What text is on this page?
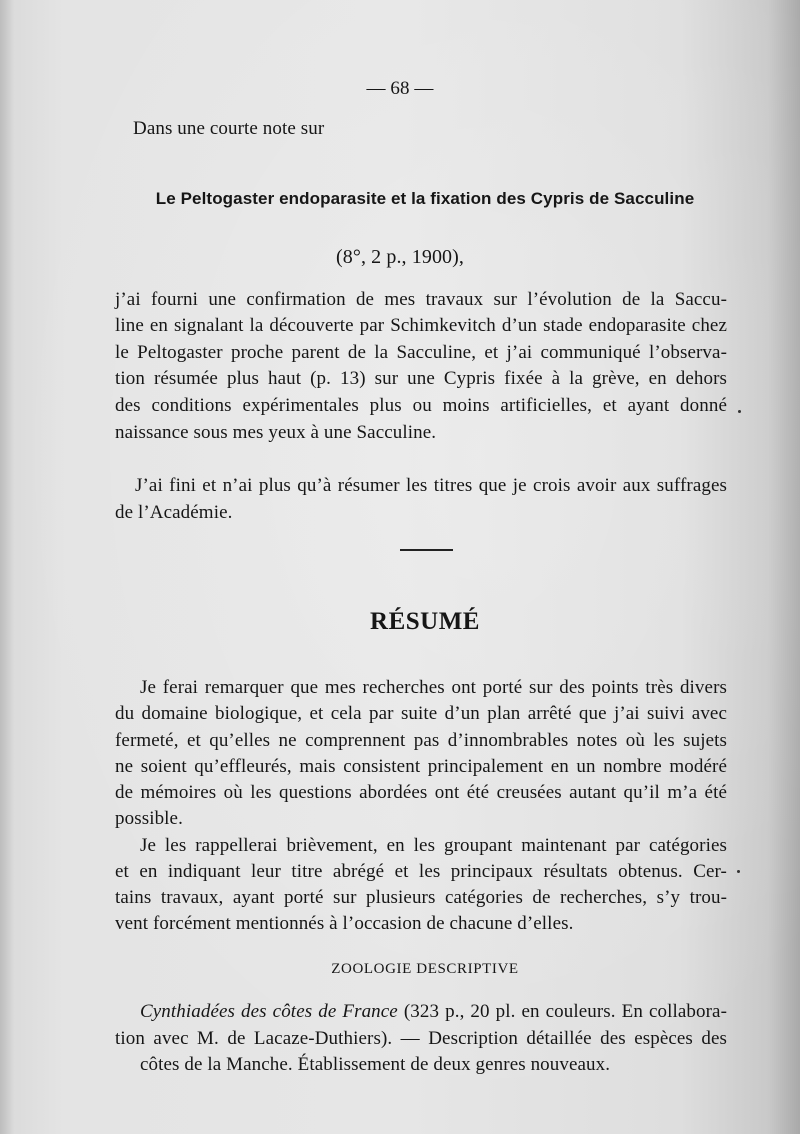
— 68 —

Dans une courte note sur

Le Peltogaster endoparasite et la fixation des Cypris de Sacculine

(8°, 2 p., 1900),

j’ai fourni une confirmation de mes travaux sur l’évolution de la Saccu-

line en signalant la découverte par Schimkevitch d’un stade endoparasite chez

le Peltogaster proche parent de la Sacculine, et j’ai communiqué l’observa-

tion résumée plus haut (p. 13) sur une Cypris fixée à la grève, en dehors

des conditions expérimentales plus ou moins artificielles, et ayant donné

naissance sous mes yeux à une Sacculine.

J’ai fini et n’ai plus qu’à résumer les titres que je crois avoir aux suffrages

de l’Académie.

RÉSUMÉ

Je ferai remarquer que mes recherches ont porté sur des points très divers

du domaine biologique, et cela par suite d’un plan arrêté que j’ai suivi avec

fermeté, et qu’elles ne comprennent pas d’innombrables notes où les sujets

ne soient qu’effleurés, mais consistent principalement en un nombre modéré

de mémoires où les questions abordées ont été creusées autant qu’il m’a été

possible.

Je les rappellerai brièvement, en les groupant maintenant par catégories

et en indiquant leur titre abrégé et les principaux résultats obtenus. Cer-

tains travaux, ayant porté sur plusieurs catégories de recherches, s’y trou-

vent forcément mentionnés à l’occasion de chacune d’elles.

ZOOLOGIE DESCRIPTIVE

Cynthiadées des côtes de France (323 p., 20 pl. en couleurs. En collabora-

tion avec M. de Lacaze-Duthiers). — Description détaillée des espèces des

côtes de la Manche. Établissement de deux genres nouveaux.
